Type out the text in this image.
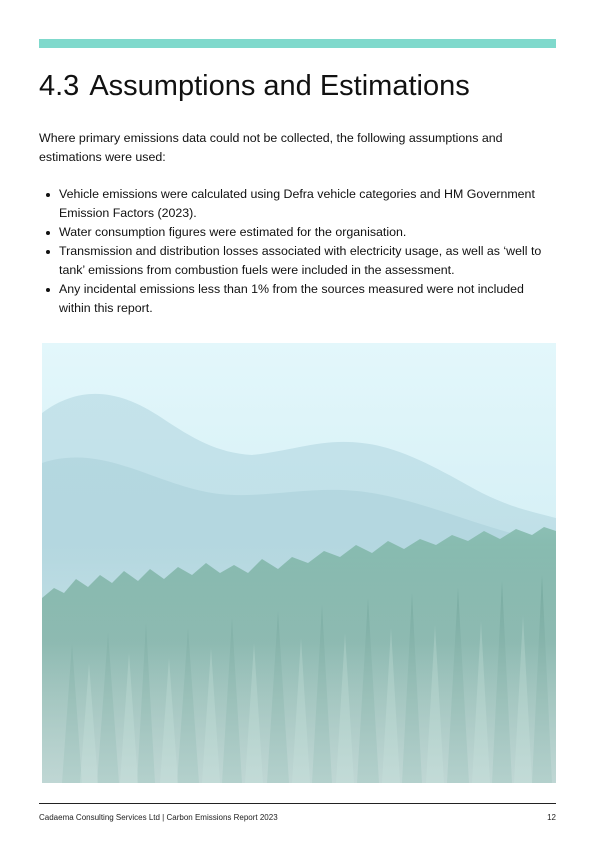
4.3 Assumptions and Estimations

Where primary emissions data could not be collected, the following assumptions and estimations were used:

Vehicle emissions were calculated using Defra vehicle categories and HM Government Emission Factors (2023).
Water consumption figures were estimated for the organisation.
Transmission and distribution losses associated with electricity usage, as well as ‘well to tank’ emissions from combustion fuels were included in the assessment.
Any incidental emissions less than 1% from the sources measured were not included within this report.
Cadaema Consulting Services Ltd | Carbon Emissions Report 2023	12
